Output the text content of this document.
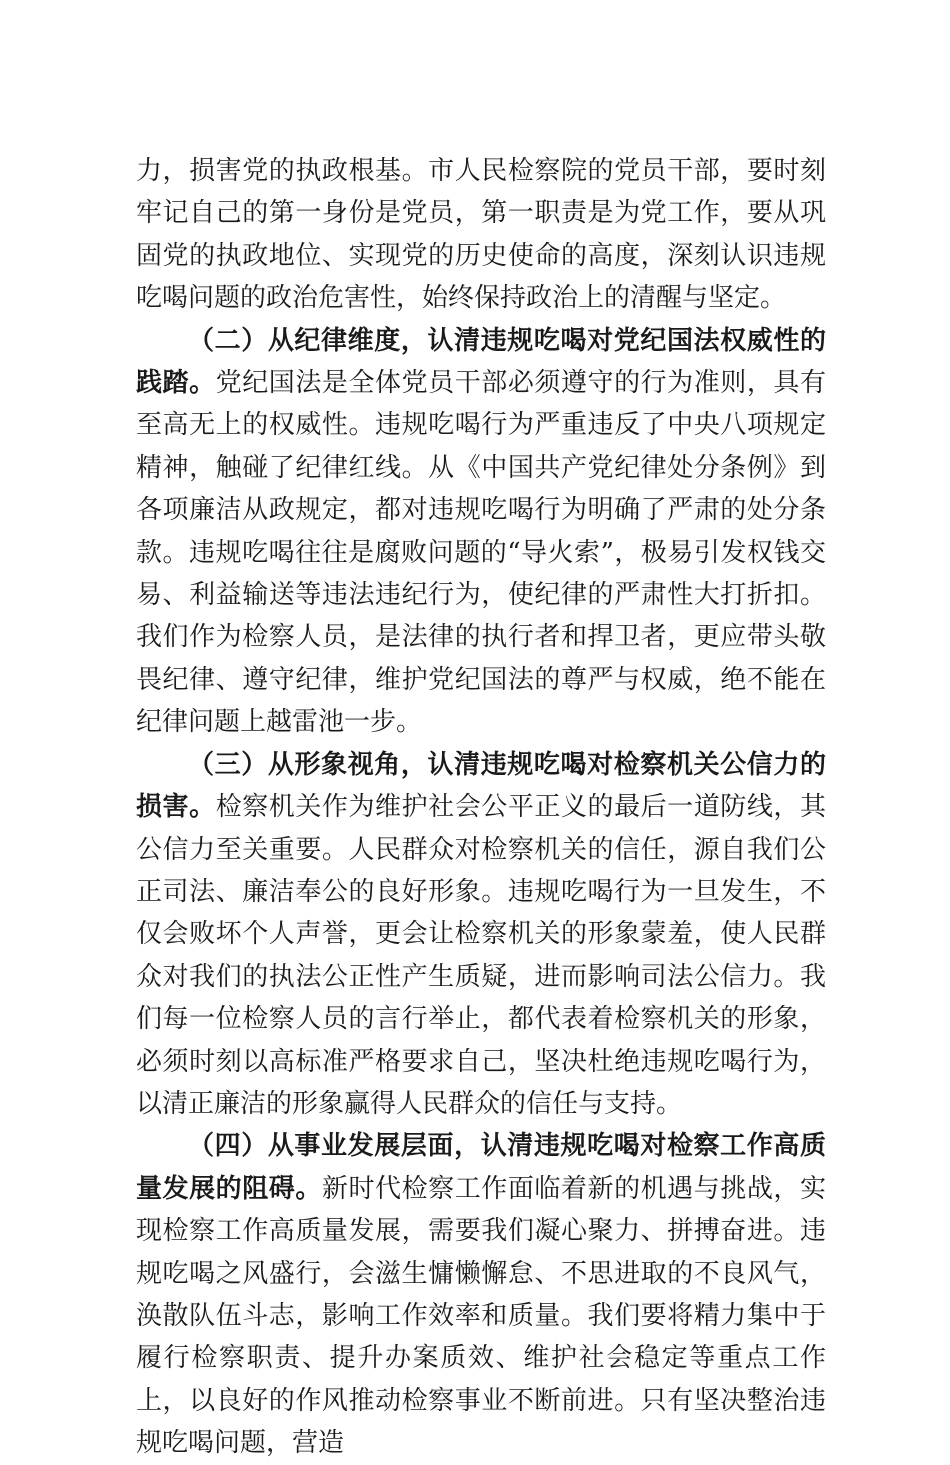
力，损害党的执政根基。市人民检察院的党员干部，要时刻牢记自己的第一身份是党员，第一职责是为党工作，要从巩固党的执政地位、实现党的历史使命的高度，深刻认识违规吃喝问题的政治危害性，始终保持政治上的清醒与坚定。

（二）从纪律维度，认清违规吃喝对党纪国法权威性的践踏。党纪国法是全体党员干部必须遵守的行为准则，具有至高无上的权威性。违规吃喝行为严重违反了中央八项规定精神，触碰了纪律红线。从《中国共产党纪律处分条例》到各项廉洁从政规定，都对违规吃喝行为明确了严肃的处分条款。违规吃喝往往是腐败问题的“导火索”，极易引发权钱交易、利益输送等违法违纪行为，使纪律的严肃性大打折扣。我们作为检察人员，是法律的执行者和捍卫者，更应带头敬畏纪律、遵守纪律，维护党纪国法的尊严与权威，绝不能在纪律问题上越雷池一步。

（三）从形象视角，认清违规吃喝对检察机关公信力的损害。检察机关作为维护社会公平正义的最后一道防线，其公信力至关重要。人民群众对检察机关的信任，源自我们公正司法、廉洁奉公的良好形象。违规吃喝行为一旦发生，不仅会败坏个人声誉，更会让检察机关的形象蒙羞，使人民群众对我们的执法公正性产生质疑，进而影响司法公信力。我们每一位检察人员的言行举止，都代表着检察机关的形象，必须时刻以高标准严格要求自己，坚决杜绝违规吃喝行为，以清正廉洁的形象赢得人民群众的信任与支持。

（四）从事业发展层面，认清违规吃喝对检察工作高质量发展的阻碍。新时代检察工作面临着新的机遇与挑战，实现检察工作高质量发展，需要我们凝心聚力、拼搏奋进。违规吃喝之风盛行，会滋生慵懒懈怠、不思进取的不良风气，涣散队伍斗志，影响工作效率和质量。我们要将精力集中于履行检察职责、提升办案质效、维护社会稳定等重点工作上，以良好的作风推动检察事业不断前进。只有坚决整治违规吃喝问题，营造
